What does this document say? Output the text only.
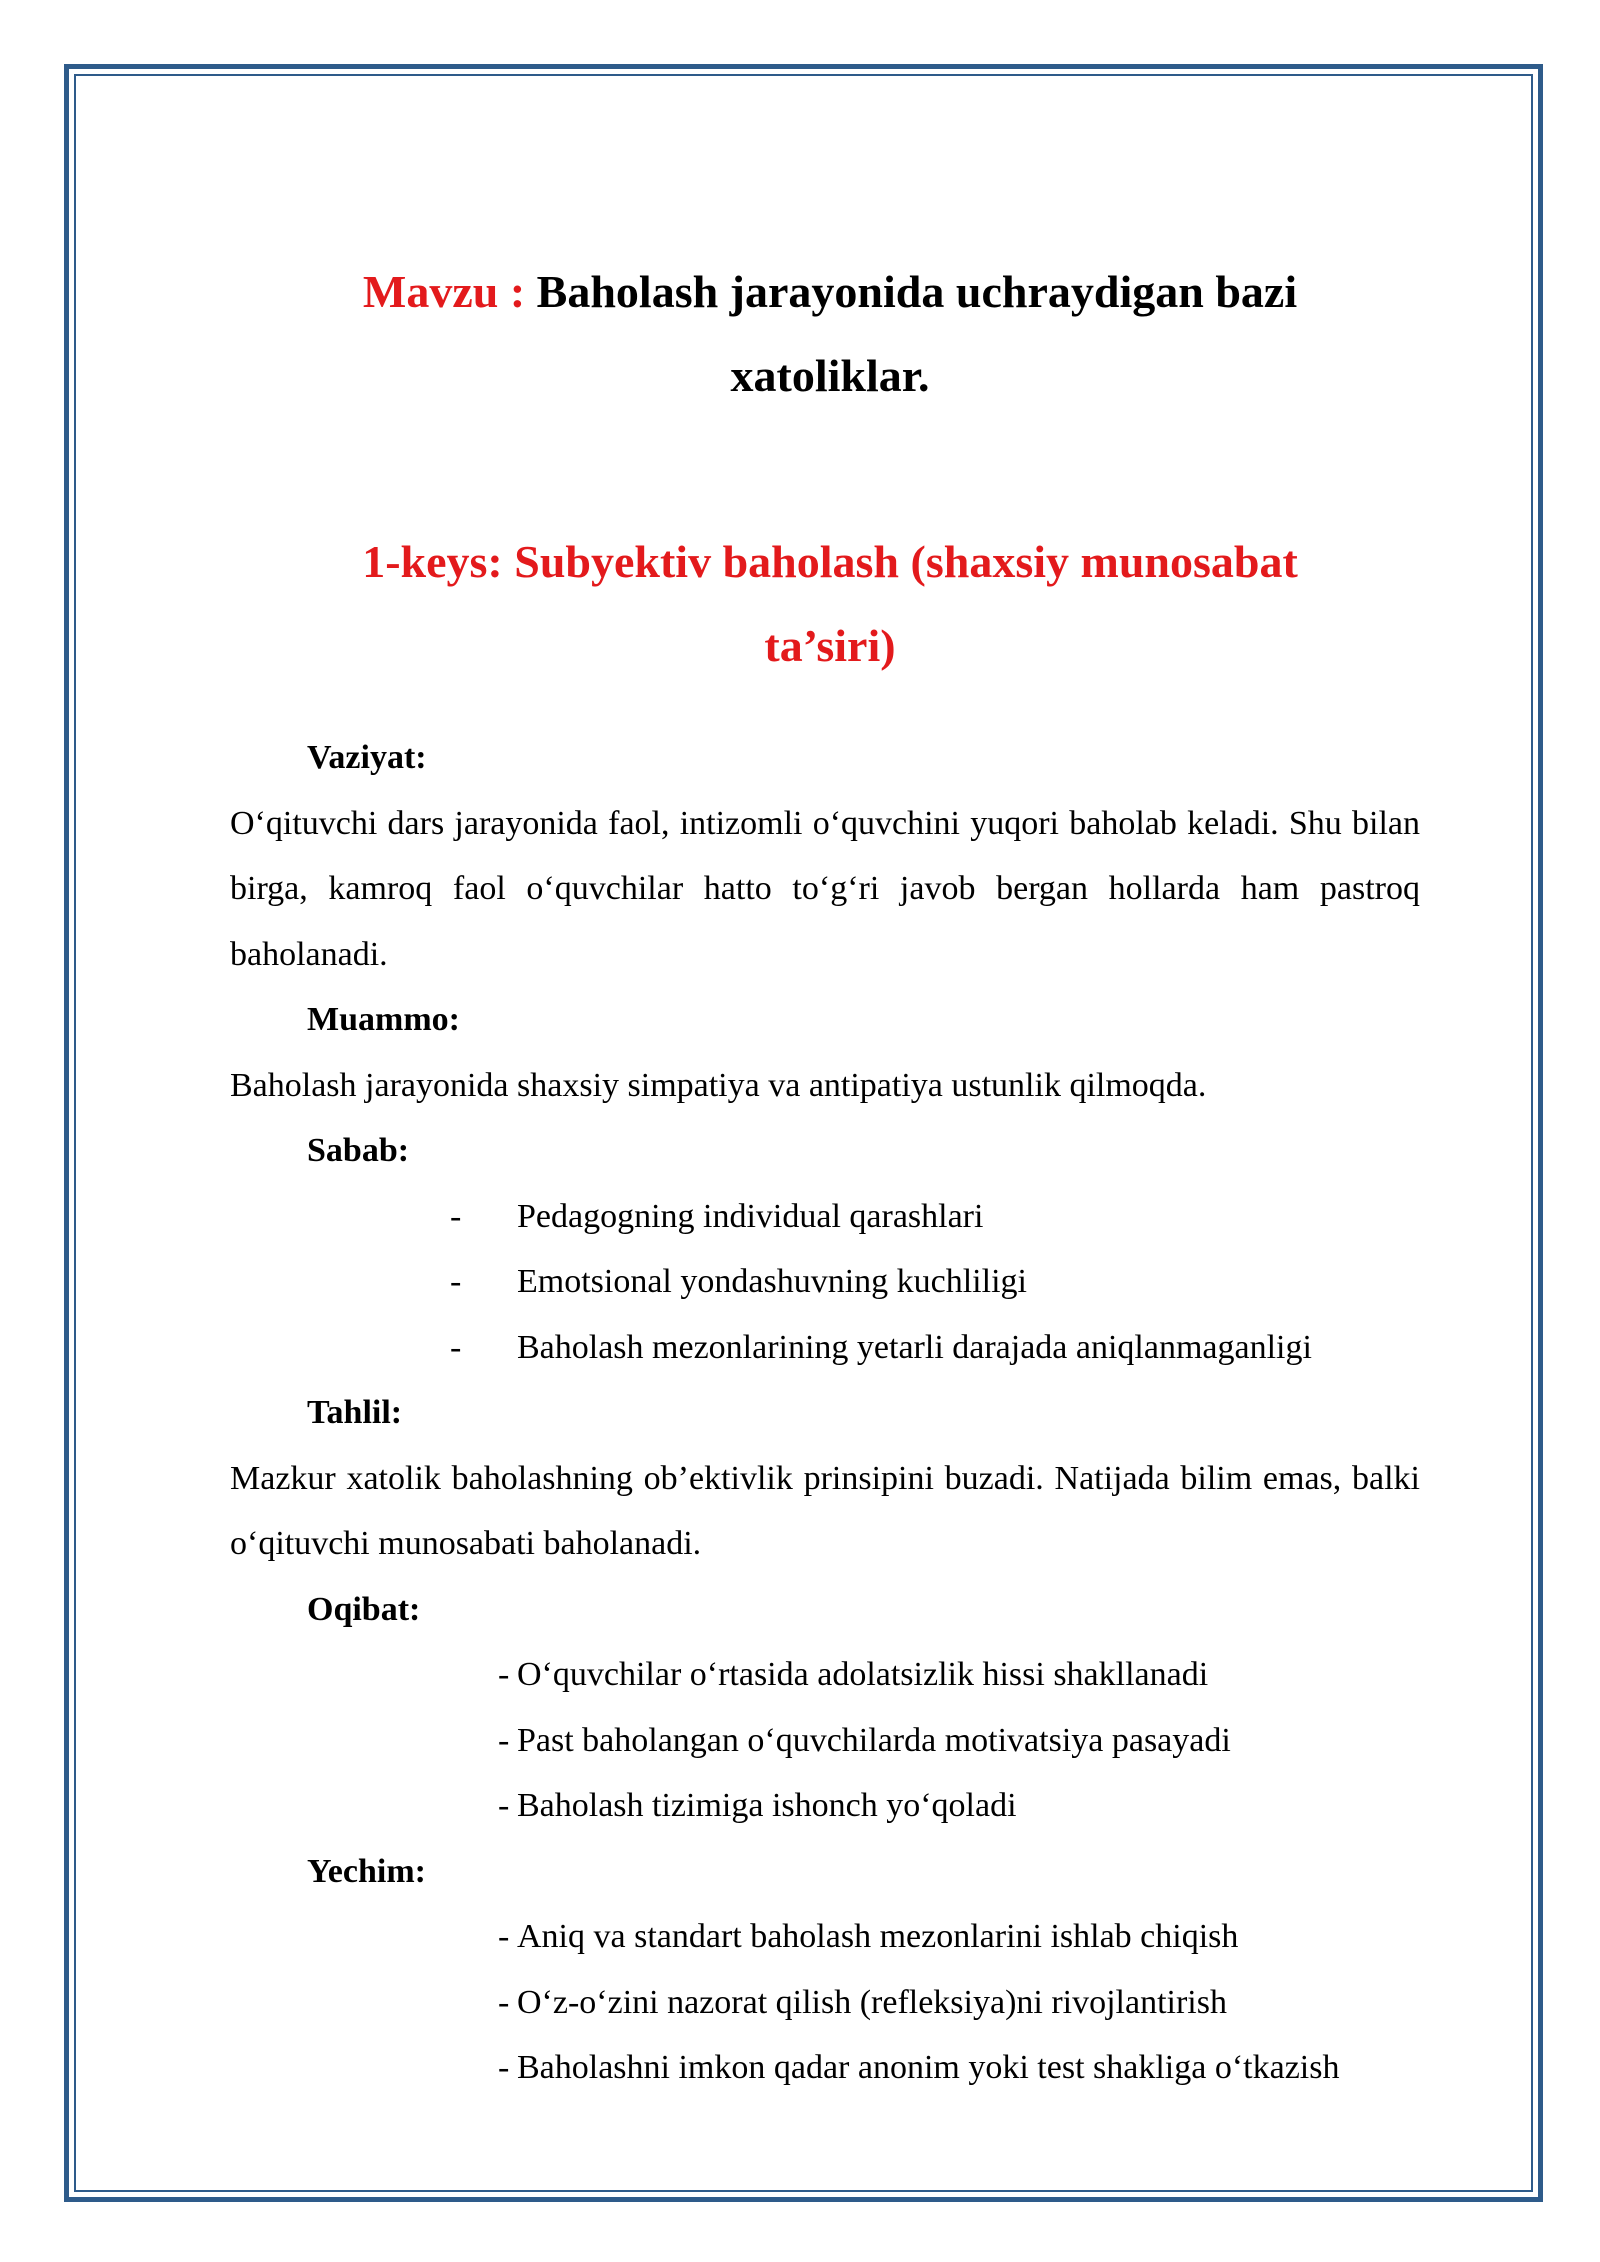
Mavzu : Baholash jarayonida uchraydigan bazi
xatoliklar.
1-keys: Subyektiv baholash (shaxsiy munosabat
ta’siri)
Vaziyat:
O‘qituvchi dars jarayonida faol, intizomli o‘quvchini yuqori baholab keladi. Shu bilan birga, kamroq faol o‘quvchilar hatto to‘g‘ri javob bergan hollarda ham pastroq baholanadi.
Muammo:
Baholash jarayonida shaxsiy simpatiya va antipatiya ustunlik qilmoqda.
Sabab:
- Pedagogning individual qarashlari
- Emotsional yondashuvning kuchliligi
- Baholash mezonlarining yetarli darajada aniqlanmaganligi
Tahlil:
Mazkur xatolik baholashning ob’ektivlik prinsipini buzadi. Natijada bilim emas, balki o‘qituvchi munosabati baholanadi.
Oqibat:
- O‘quvchilar o‘rtasida adolatsizlik hissi shakllanadi
- Past baholangan o‘quvchilarda motivatsiya pasayadi
- Baholash tizimiga ishonch yo‘qoladi
Yechim:
- Aniq va standart baholash mezonlarini ishlab chiqish
- O‘z-o‘zini nazorat qilish (refleksiya)ni rivojlantirish
- Baholashni imkon qadar anonim yoki test shakliga o‘tkazish
